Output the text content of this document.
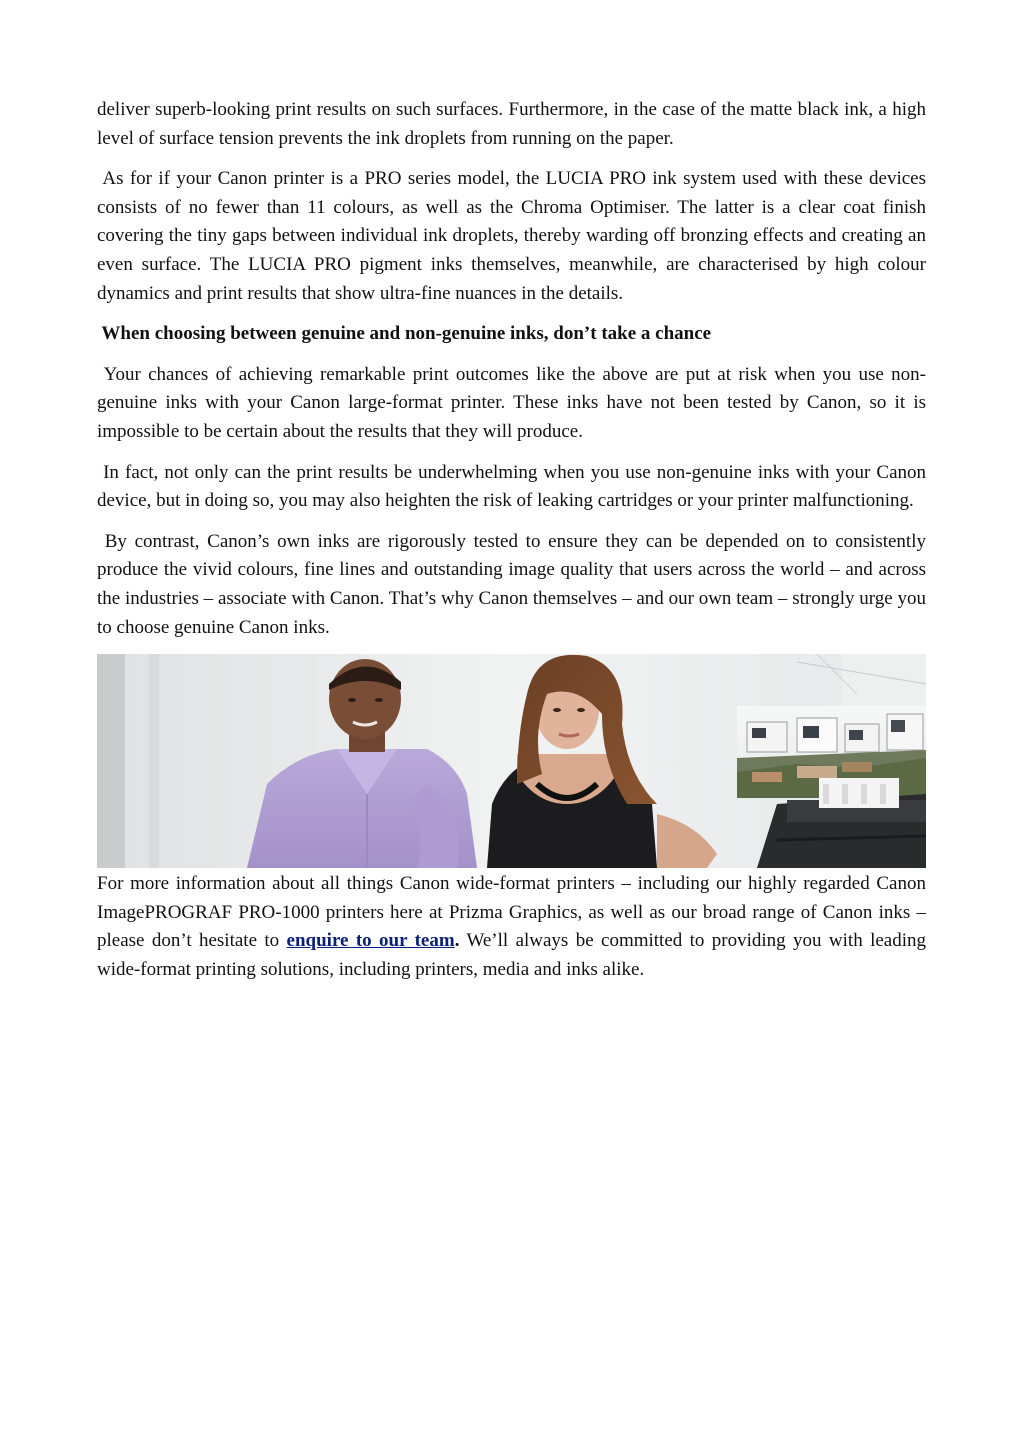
deliver superb-looking print results on such surfaces. Furthermore, in the case of the matte black ink, a high level of surface tension prevents the ink droplets from running on the paper.

As for if your Canon printer is a PRO series model, the LUCIA PRO ink system used with these devices consists of no fewer than 11 colours, as well as the Chroma Optimiser. The latter is a clear coat finish covering the tiny gaps between individual ink droplets, thereby warding off bronzing effects and creating an even surface. The LUCIA PRO pigment inks themselves, meanwhile, are characterised by high colour dynamics and print results that show ultra-fine nuances in the details.

When choosing between genuine and non-genuine inks, don’t take a chance

Your chances of achieving remarkable print outcomes like the above are put at risk when you use non-genuine inks with your Canon large-format printer. These inks have not been tested by Canon, so it is impossible to be certain about the results that they will produce.

In fact, not only can the print results be underwhelming when you use non-genuine inks with your Canon device, but in doing so, you may also heighten the risk of leaking cartridges or your printer malfunctioning.

By contrast, Canon’s own inks are rigorously tested to ensure they can be depended on to consistently produce the vivid colours, fine lines and outstanding image quality that users across the world – and across the industries – associate with Canon. That’s why Canon themselves – and our own team – strongly urge you to choose genuine Canon inks.

For more information about all things Canon wide-format printers – including our highly regarded Canon ImagePROGRAF PRO-1000 printers here at Prizma Graphics, as well as our broad range of Canon inks – please don’t hesitate to enquire to our team. We’ll always be committed to providing you with leading wide-format printing solutions, including printers, media and inks alike.
